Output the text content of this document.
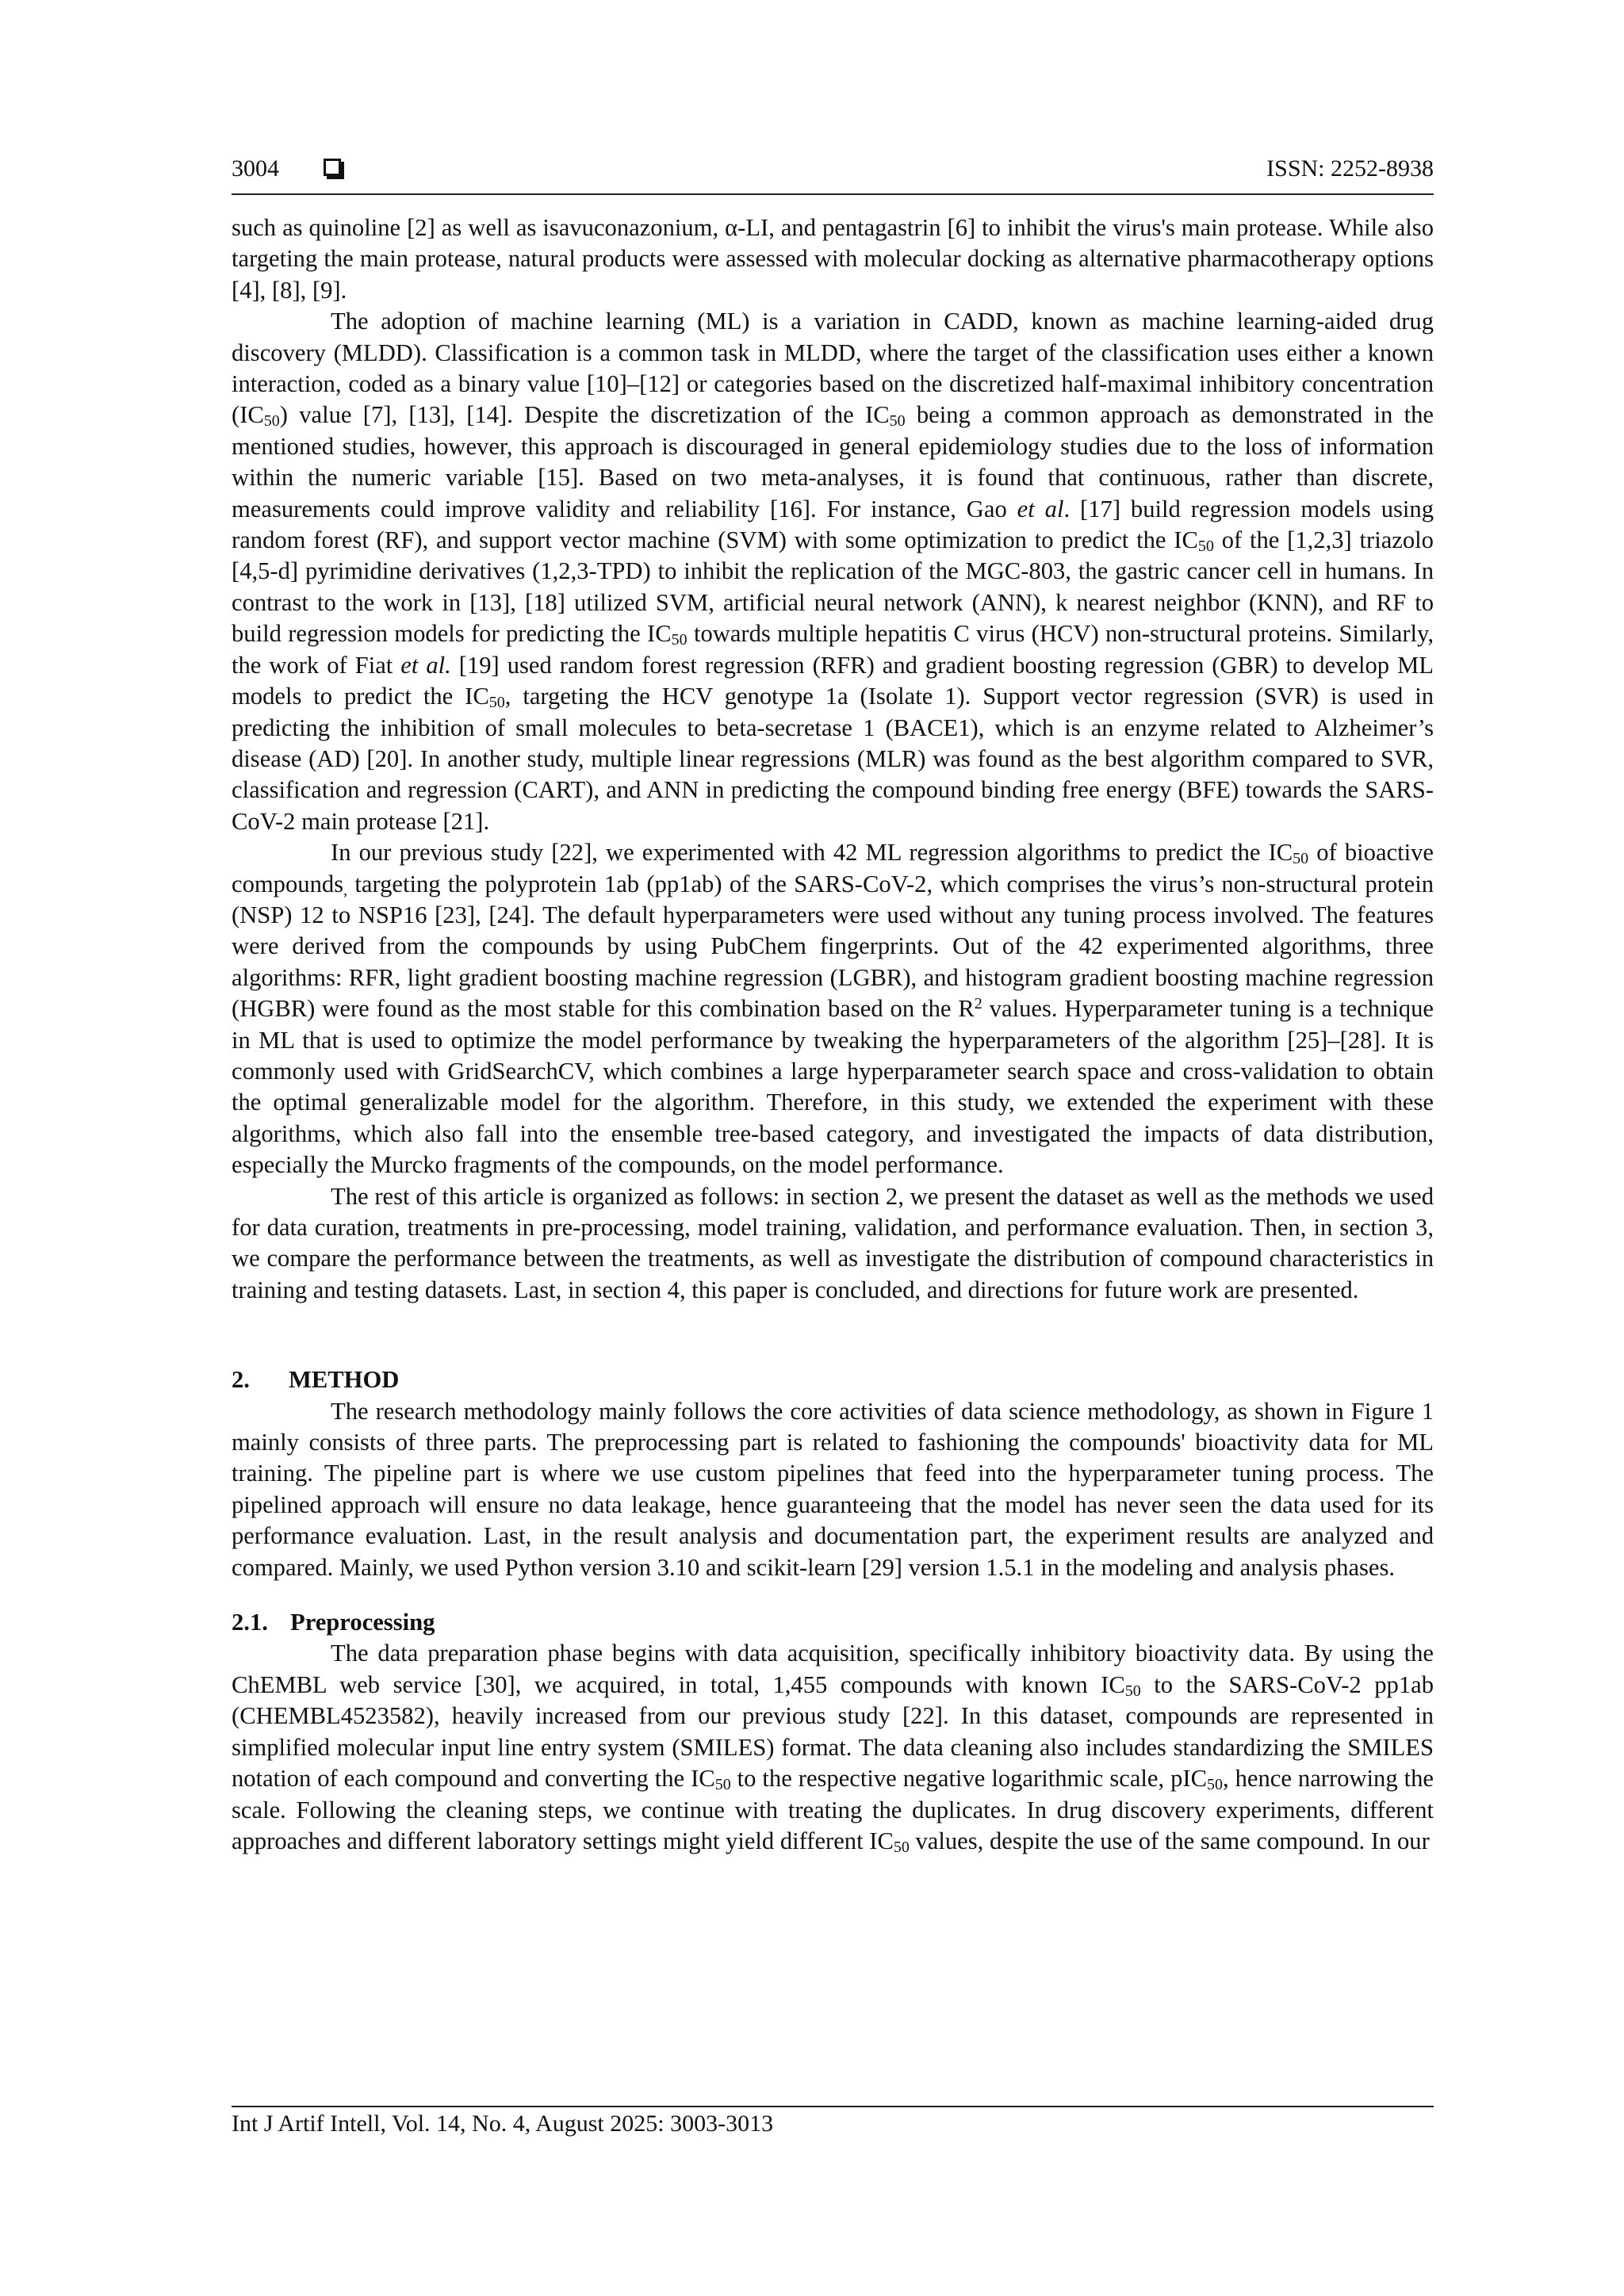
3004	ISSN: 2252-8938

such as quinoline [2] as well as isavuconazonium, α-LI, and pentagastrin [6] to inhibit the virus's main protease. While also targeting the main protease, natural products were assessed with molecular docking as alternative pharmacotherapy options [4], [8], [9].

The adoption of machine learning (ML) is a variation in CADD, known as machine learning-aided drug discovery (MLDD). Classification is a common task in MLDD, where the target of the classification uses either a known interaction, coded as a binary value [10]–[12] or categories based on the discretized half-maximal inhibitory concentration $(IC_{50})$ value [7], [13], [14]. Despite the discretization of the $IC_{50}$ being a common approach as demonstrated in the mentioned studies, however, this approach is discouraged in general epidemiology studies due to the loss of information within the numeric variable [15]. Based on two meta-analyses, it is found that continuous, rather than discrete, measurements could improve validity and reliability [16]. For instance, Gao et al. [17] build regression models using random forest (RF), and support vector machine (SVM) with some optimization to predict the $IC_{50}$ of the [1,2,3] triazolo [4,5-d] pyrimidine derivatives (1,2,3-TPD) to inhibit the replication of the MGC-803, the gastric cancer cell in humans. In contrast to the work in [13], [18] utilized SVM, artificial neural network (ANN), k nearest neighbor (KNN), and RF to build regression models for predicting the $IC_{50}$ towards multiple hepatitis C virus (HCV) non-structural proteins. Similarly, the work of Fiat et al. [19] used random forest regression (RFR) and gradient boosting regression (GBR) to develop ML models to predict the $IC_{50}$, targeting the HCV genotype 1a (Isolate 1). Support vector regression (SVR) is used in predicting the inhibition of small molecules to beta-secretase 1 (BACE1), which is an enzyme related to Alzheimer’s disease (AD) [20]. In another study, multiple linear regressions (MLR) was found as the best algorithm compared to SVR, classification and regression (CART), and ANN in predicting the compound binding free energy (BFE) towards the SARS-CoV-2 main protease [21].

In our previous study [22], we experimented with 42 ML regression algorithms to predict the $IC_{50}$ of bioactive compounds$_,$ targeting the polyprotein 1ab (pp1ab) of the SARS-CoV-2, which comprises the virus’s non-structural protein (NSP) 12 to NSP16 [23], [24]. The default hyperparameters were used without any tuning process involved. The features were derived from the compounds by using PubChem fingerprints. Out of the 42 experimented algorithms, three algorithms: RFR, light gradient boosting machine regression (LGBR), and histogram gradient boosting machine regression (HGBR) were found as the most stable for this combination based on the $R^2$ values. Hyperparameter tuning is a technique in ML that is used to optimize the model performance by tweaking the hyperparameters of the algorithm [25]–[28]. It is commonly used with GridSearchCV, which combines a large hyperparameter search space and cross-validation to obtain the optimal generalizable model for the algorithm. Therefore, in this study, we extended the experiment with these algorithms, which also fall into the ensemble tree-based category, and investigated the impacts of data distribution, especially the Murcko fragments of the compounds, on the model performance.

The rest of this article is organized as follows: in section 2, we present the dataset as well as the methods we used for data curation, treatments in pre-processing, model training, validation, and performance evaluation. Then, in section 3, we compare the performance between the treatments, as well as investigate the distribution of compound characteristics in training and testing datasets. Last, in section 4, this paper is concluded, and directions for future work are presented.

2. METHOD

The research methodology mainly follows the core activities of data science methodology, as shown in Figure 1 mainly consists of three parts. The preprocessing part is related to fashioning the compounds' bioactivity data for ML training. The pipeline part is where we use custom pipelines that feed into the hyperparameter tuning process. The pipelined approach will ensure no data leakage, hence guaranteeing that the model has never seen the data used for its performance evaluation. Last, in the result analysis and documentation part, the experiment results are analyzed and compared. Mainly, we used Python version 3.10 and scikit-learn [29] version 1.5.1 in the modeling and analysis phases.

2.1. Preprocessing

The data preparation phase begins with data acquisition, specifically inhibitory bioactivity data. By using the ChEMBL web service [30], we acquired, in total, 1,455 compounds with known $IC_{50}$ to the SARS-CoV-2 pp1ab (CHEMBL4523582), heavily increased from our previous study [22]. In this dataset, compounds are represented in simplified molecular input line entry system (SMILES) format. The data cleaning also includes standardizing the SMILES notation of each compound and converting the $IC_{50}$ to the respective negative logarithmic scale, pIC$_{50}$, hence narrowing the scale. Following the cleaning steps, we continue with treating the duplicates. In drug discovery experiments, different approaches and different laboratory settings might yield different $IC_{50}$ values, despite the use of the same compound. In our

Int J Artif Intell, Vol. 14, No. 4, August 2025: 3003-3013
